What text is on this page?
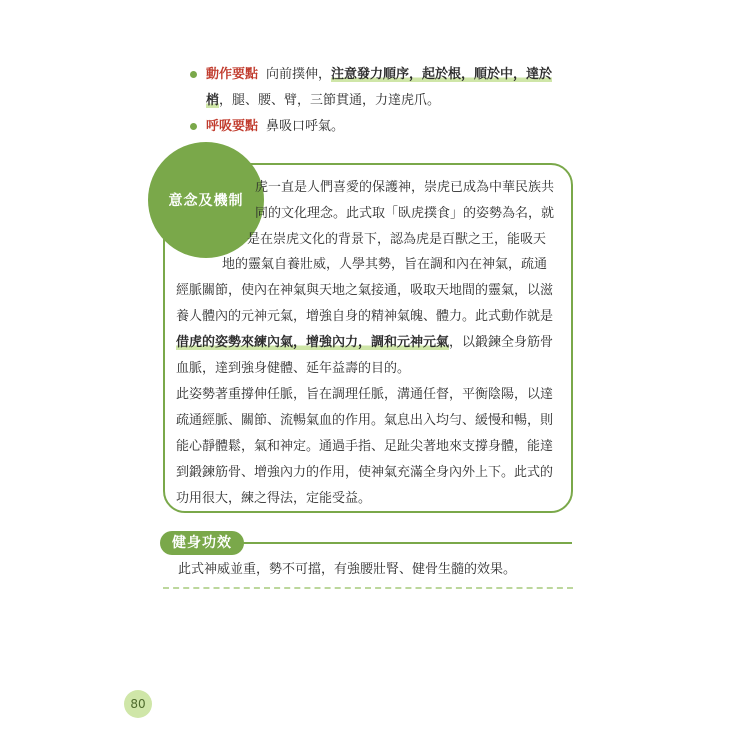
動作要點 向前撲伸，注意發力順序，起於根，順於中，達於
梢，腿、腰、臂，三節貫通，力達虎爪。
呼吸要點 鼻吸口呼氣。
意念及機制
虎一直是人們喜愛的保護神，崇虎已成為中華民族共
同的文化理念。此式取「臥虎撲食」的姿勢為名，就
是在崇虎文化的背景下，認為虎是百獸之王，能吸天
地的靈氣自養壯威，人學其勢，旨在調和內在神氣，疏通
經脈關節，使內在神氣與天地之氣接通，吸取天地間的靈氣，以滋
養人體內的元神元氣，增強自身的精神氣魄、體力。此式動作就是
借虎的姿勢來練內氣，增強內力，調和元神元氣，以鍛鍊全身筋骨
血脈，達到強身健體、延年益壽的目的。
此姿勢著重撐伸任脈，旨在調理任脈，溝通任督，平衡陰陽，以達
疏通經脈、關節、流暢氣血的作用。氣息出入均勻、緩慢和暢，則
能心靜體鬆，氣和神定。通過手指、足趾尖著地來支撐身體，能達
到鍛鍊筋骨、增強內力的作用，使神氣充滿全身內外上下。此式的
功用很大，練之得法，定能受益。
健身功效
此式神威並重，勢不可擋，有強腰壯腎、健骨生髓的效果。
80
